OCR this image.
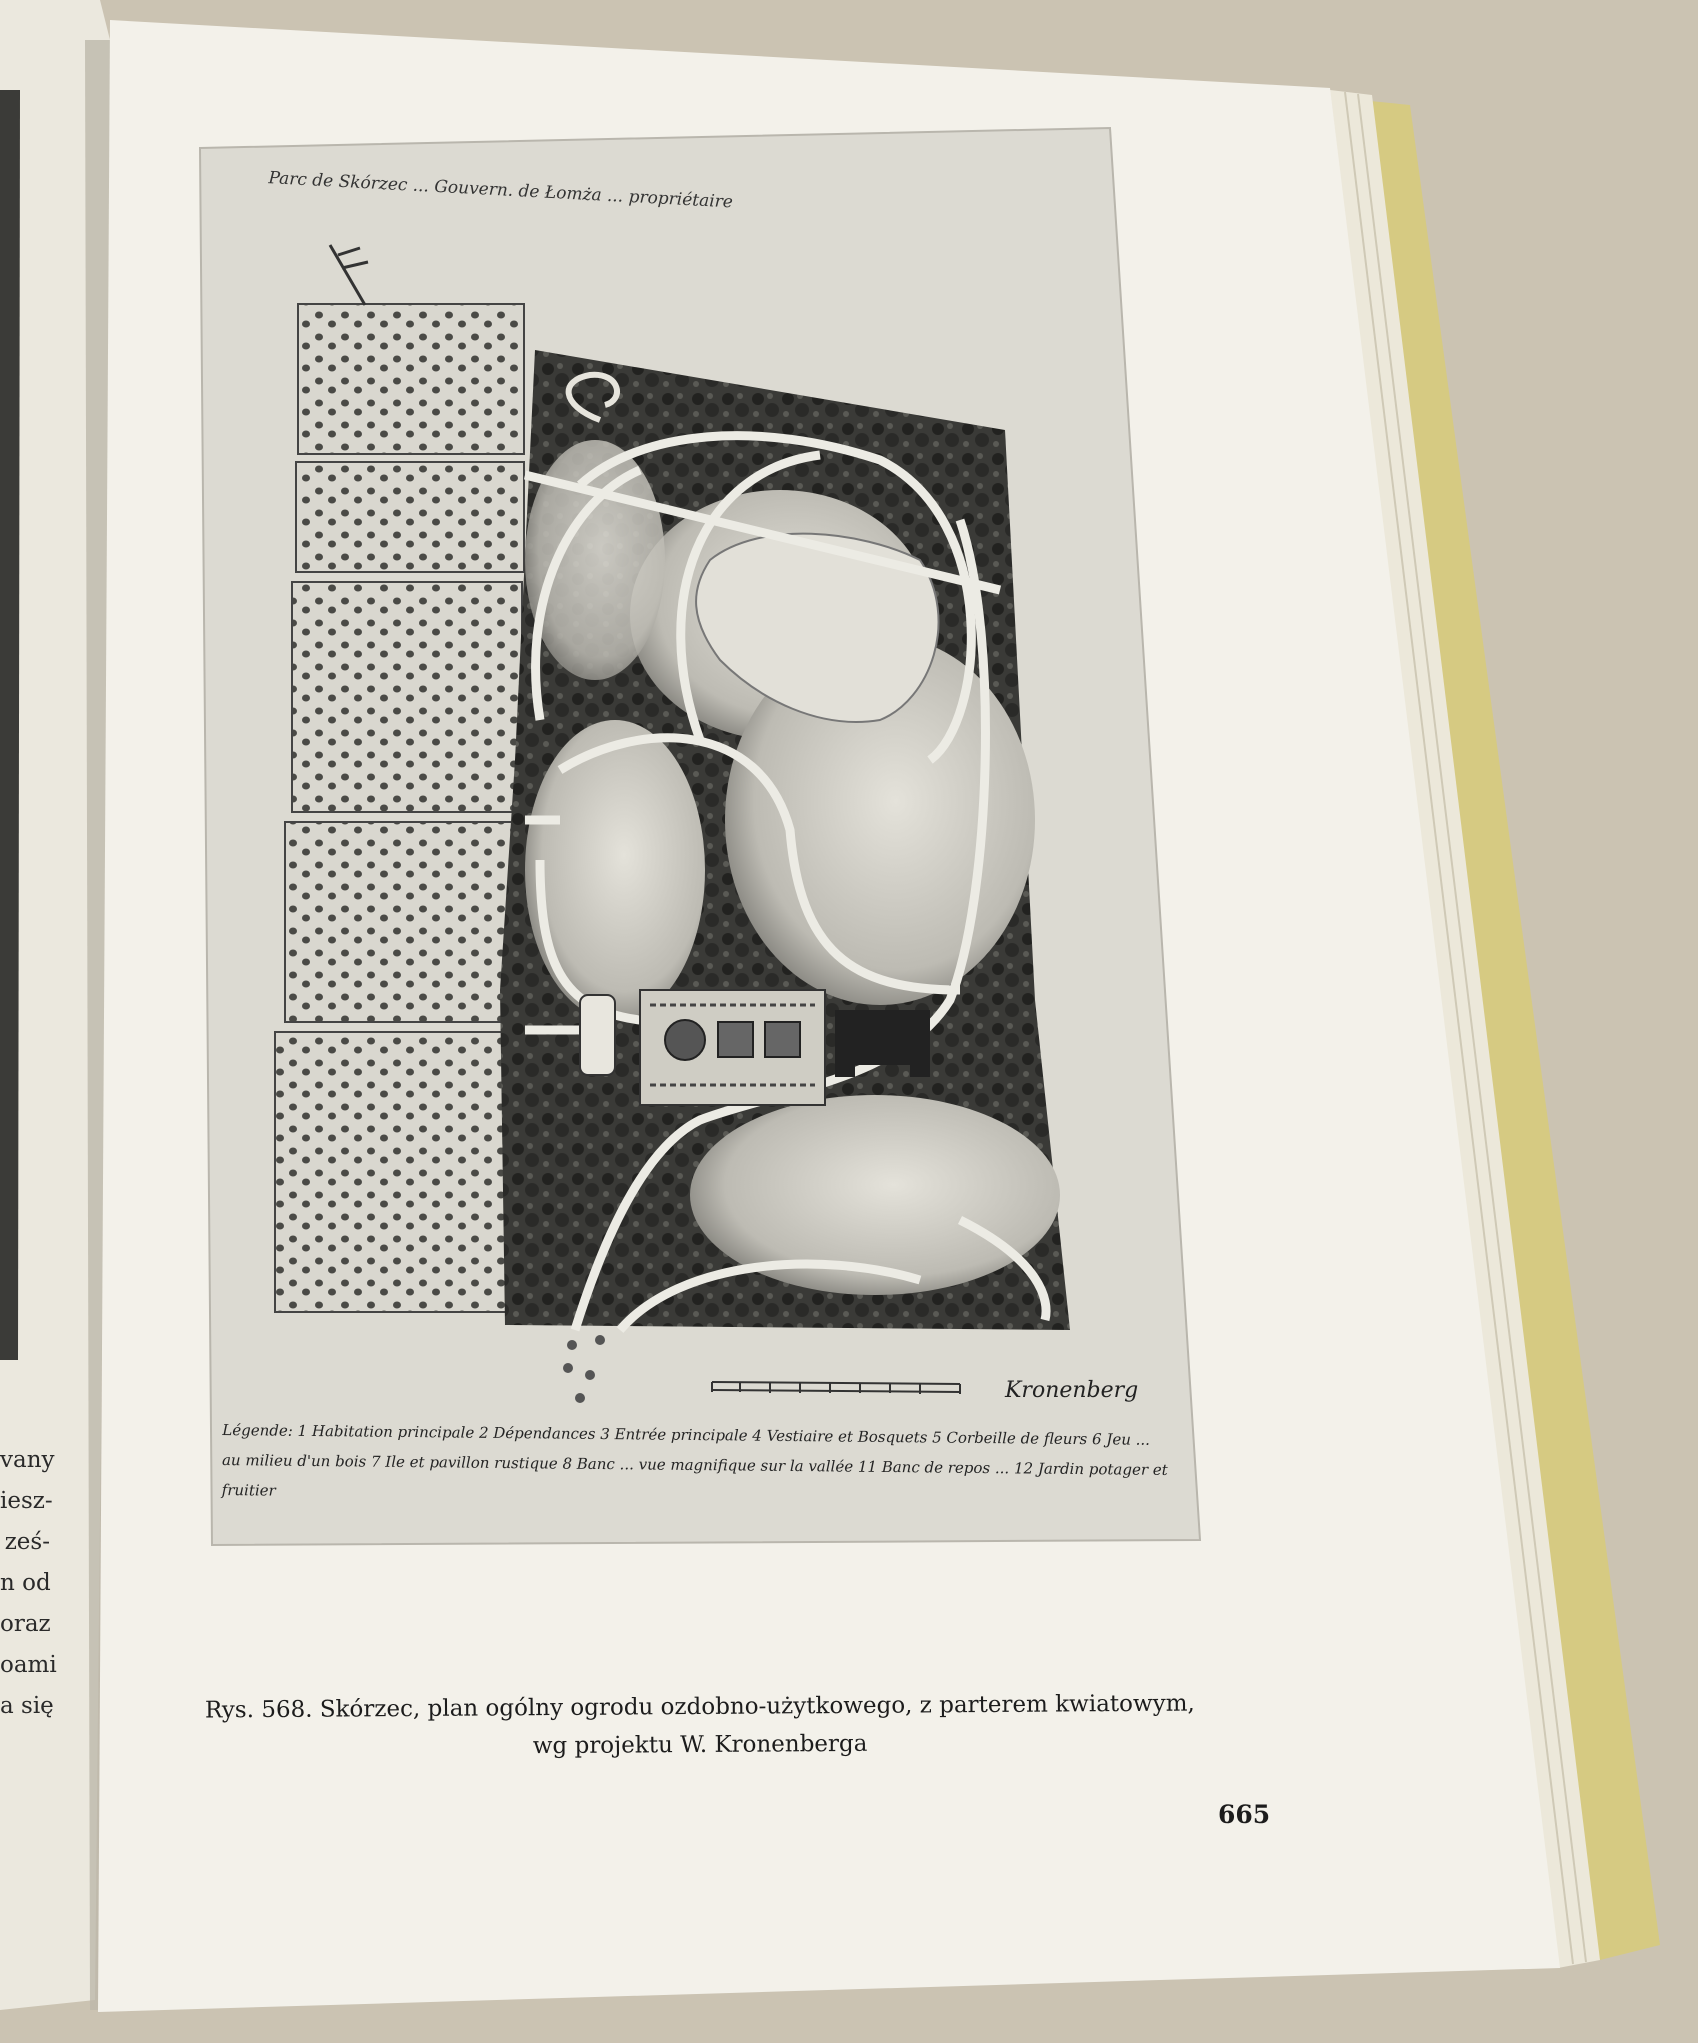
Parc de Skórzec ... Gouvern. de Łomża ... propriétaire
Kronenberg
Légende: 1 Habitation principale 2 Dépendances 3 Entrée principale 4 Vestiaire et Bosquets 5 Corbeille de fleurs 6 Jeu ... au milieu d'un bois 7 Ile et pavillon rustique 8 Banc ... vue magnifique sur la vallée 11 Banc de repos ... 12 Jardin potager et fruitier
vany
iesz-
ześ-
n od
oraz
oami
a się	Rys. 568. Skórzec, plan ogólny ogrodu ozdobno-użytkowego, z parterem kwiatowym,
wg projektu W. Kronenberga
665
